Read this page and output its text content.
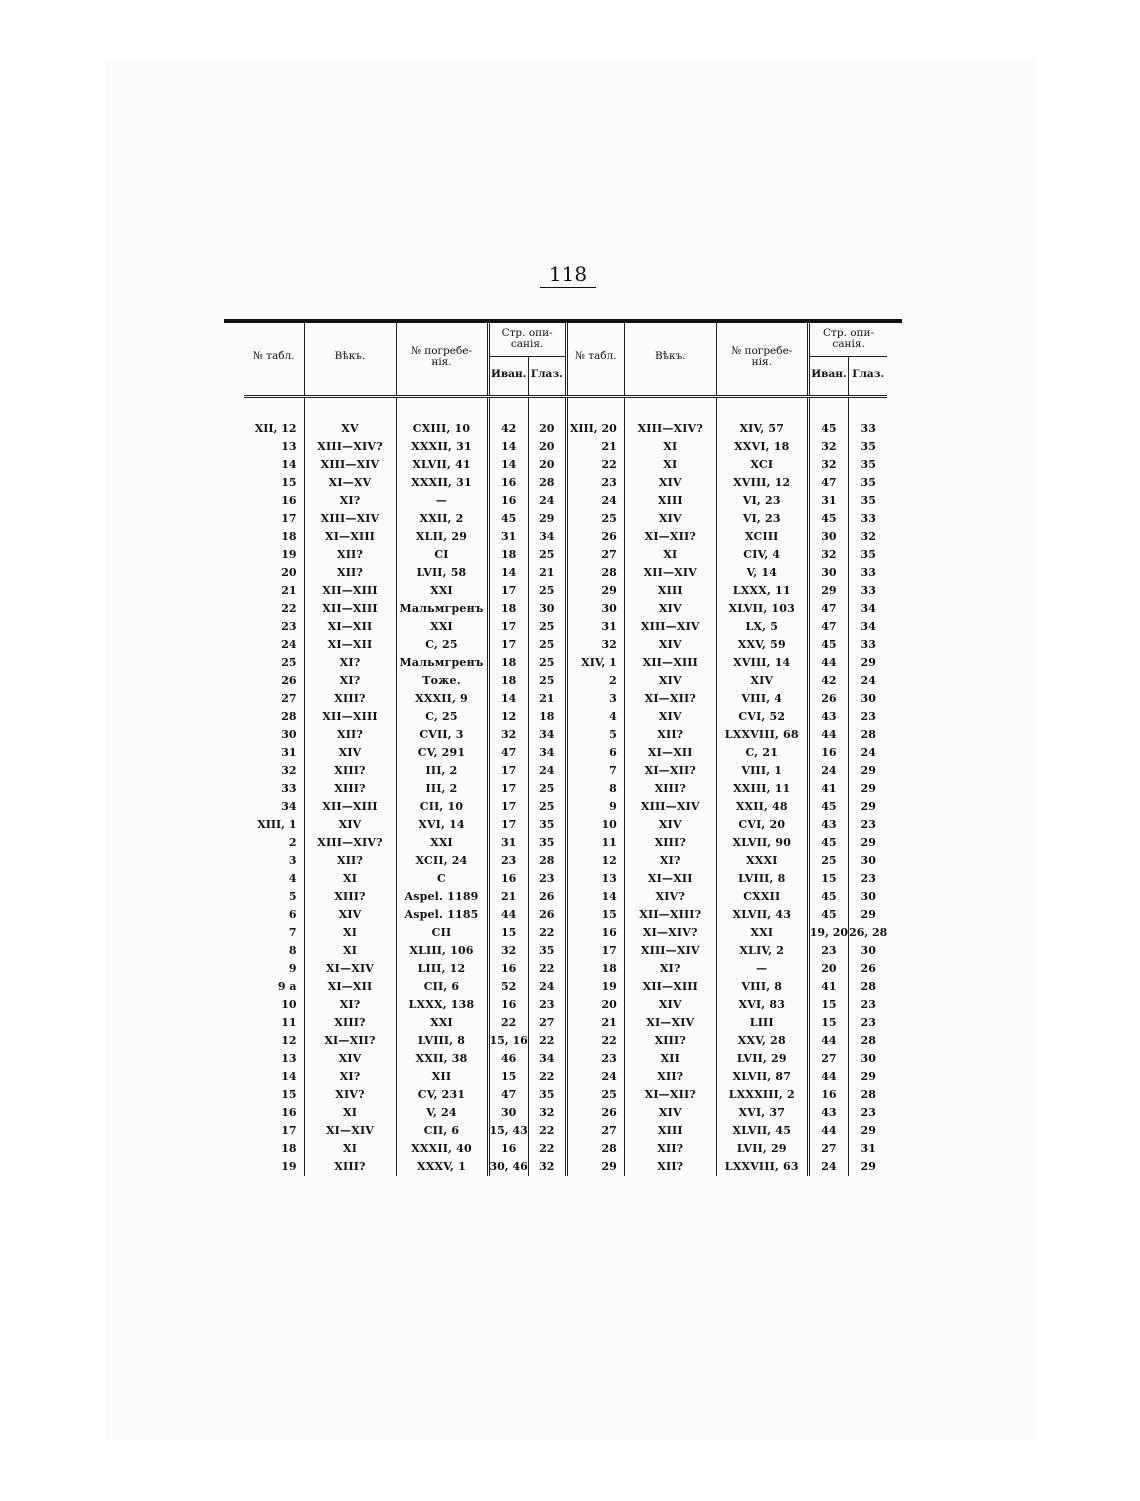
118
№ табл.	Вѣкъ.	№ погребе-нія.	Стр. опи-санія.		№ табл.	Вѣкъ.	№ погребе-нія.	Стр. опи-санія.	
			Иван.	Глаз.				Иван.	Глаз.

XII, 12	XV	CXIII, 10	42	20	XIII, 20	XIII—XIV?	XIV, 57	45	33
13	XIII—XIV?	XXXII, 31	14	20	21	XI	XXVI, 18	32	35
14	XIII—XIV	XLVII, 41	14	20	22	XI	XCI	32	35
15	XI—XV	XXXII, 31	16	28	23	XIV	XVIII, 12	47	35
16	XI?	—	16	24	24	XIII	VI, 23	31	35
17	XIII—XIV	XXII, 2	45	29	25	XIV	VI, 23	45	33
18	XI—XIII	XLII, 29	31	34	26	XI—XII?	XCIII	30	32
19	XII?	CI	18	25	27	XI	CIV, 4	32	35
20	XII?	LVII, 58	14	21	28	XII—XIV	V, 14	30	33
21	XII—XIII	XXI	17	25	29	XIII	LXXX, 11	29	33
22	XII—XIII	Мальмгренъ	18	30	30	XIV	XLVII, 103	47	34
23	XI—XII	XXI	17	25	31	XIII—XIV	LX, 5	47	34
24	XI—XII	C, 25	17	25	32	XIV	XXV, 59	45	33
25	XI?	Мальмгренъ	18	25	XIV, 1	XII—XIII	XVIII, 14	44	29
26	XI?	Тоже.	18	25	2	XIV	XIV	42	24
27	XIII?	XXXII, 9	14	21	3	XI—XII?	VIII, 4	26	30
28	XII—XIII	C, 25	12	18	4	XIV	CVI, 52	43	23
30	XII?	CVII, 3	32	34	5	XII?	LXXVIII, 68	44	28
31	XIV	CV, 291	47	34	6	XI—XII	C, 21	16	24
32	XIII?	III, 2	17	24	7	XI—XII?	VIII, 1	24	29
33	XIII?	III, 2	17	25	8	XIII?	XXIII, 11	41	29
34	XII—XIII	CII, 10	17	25	9	XIII—XIV	XXII, 48	45	29
XIII, 1	XIV	XVI, 14	17	35	10	XIV	CVI, 20	43	23
2	XIII—XIV?	XXI	31	35	11	XIII?	XLVII, 90	45	29
3	XII?	XCII, 24	23	28	12	XI?	XXXI	25	30
4	XI	C	16	23	13	XI—XII	LVIII, 8	15	23
5	XIII?	Aspel. 1189	21	26	14	XIV?	CXXII	45	30
6	XIV	Aspel. 1185	44	26	15	XII—XIII?	XLVII, 43	45	29
7	XI	CII	15	22	16	XI—XIV?	XXI	19, 20	26, 28
8	XI	XLIII, 106	32	35	17	XIII—XIV	XLIV, 2	23	30
9	XI—XIV	LIII, 12	16	22	18	XI?	—	20	26
9 a	XI—XII	CII, 6	52	24	19	XII—XIII	VIII, 8	41	28
10	XI?	LXXX, 138	16	23	20	XIV	XVI, 83	15	23
11	XIII?	XXI	22	27	21	XI—XIV	LIII	15	23
12	XI—XII?	LVIII, 8	15, 16	22	22	XIII?	XXV, 28	44	28
13	XIV	XXII, 38	46	34	23	XII	LVII, 29	27	30
14	XI?	XII	15	22	24	XII?	XLVII, 87	44	29
15	XIV?	CV, 231	47	35	25	XI—XII?	LXXXIII, 2	16	28
16	XI	V, 24	30	32	26	XIV	XVI, 37	43	23
17	XI—XIV	CII, 6	15, 43	22	27	XIII	XLVII, 45	44	29
18	XI	XXXII, 40	16	22	28	XII?	LVII, 29	27	31
19	XIII?	XXXV, 1	30, 46	32	29	XII?	LXXVIII, 63	24	29
